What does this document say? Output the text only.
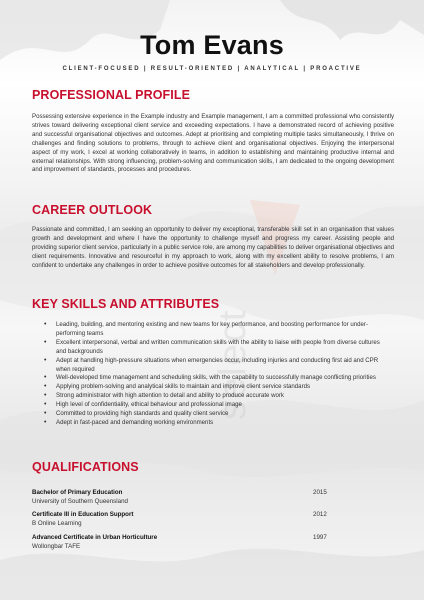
select
Tom Evans
CLIENT-FOCUSED | RESULT-ORIENTED | ANALYTICAL | PROACTIVE
PROFESSIONAL PROFILE
Possessing extensive experience in the Example industry and Example management, I am a committed professional who consistently strives toward delivering exceptional client service and exceeding expectations. I have a demonstrated record of achieving positive and successful organisational objectives and outcomes. Adept at prioritising and completing multiple tasks simultaneously, I thrive on challenges and finding solutions to problems, through to achieve client and organisational objectives. Enjoying the interpersonal aspect of my work, I excel at working collaboratively in teams, in addition to establishing and maintaining productive internal and external relationships. With strong influencing, problem-solving and communication skills, I am dedicated to the ongoing development and improvement of standards, processes and procedures.
CAREER OUTLOOK
Passionate and committed, I am seeking an opportunity to deliver my exceptional, transferable skill set in an organisation that values growth and development and where I have the opportunity to challenge myself and progress my career. Assisting people and providing superior client service, particularly in a public service role, are among my capabilities to deliver organisational objectives and client requirements. Innovative and resourceful in my approach to work, along with my excellent ability to resolve problems, I am confident to undertake any challenges in order to achieve positive outcomes for all stakeholders and develop professionally.
KEY SKILLS AND ATTRIBUTES
• Leading, building, and mentoring existing and new teams for key performance, and boosting performance for under-performing teams
• Excellent interpersonal, verbal and written communication skills with the ability to liaise with people from diverse cultures and backgrounds
• Adept at handling high-pressure situations when emergencies occur, including injuries and conducting first aid and CPR when required
• Well-developed time management and scheduling skills, with the capability to successfully manage conflicting priorities
• Applying problem-solving and analytical skills to maintain and improve client service standards
• Strong administrator with high attention to detail and ability to produce accurate work
• High level of confidentiality, ethical behaviour and professional image
• Committed to providing high standards and quality client service
• Adept in fast-paced and demanding working environments
QUALIFICATIONS
Bachelor of Primary Education
University of Southern Queensland
2015
Certificate III in Education Support
B Online Learning
2012
Advanced Certificate in Urban Horticulture
Wollongbar TAFE
1997
